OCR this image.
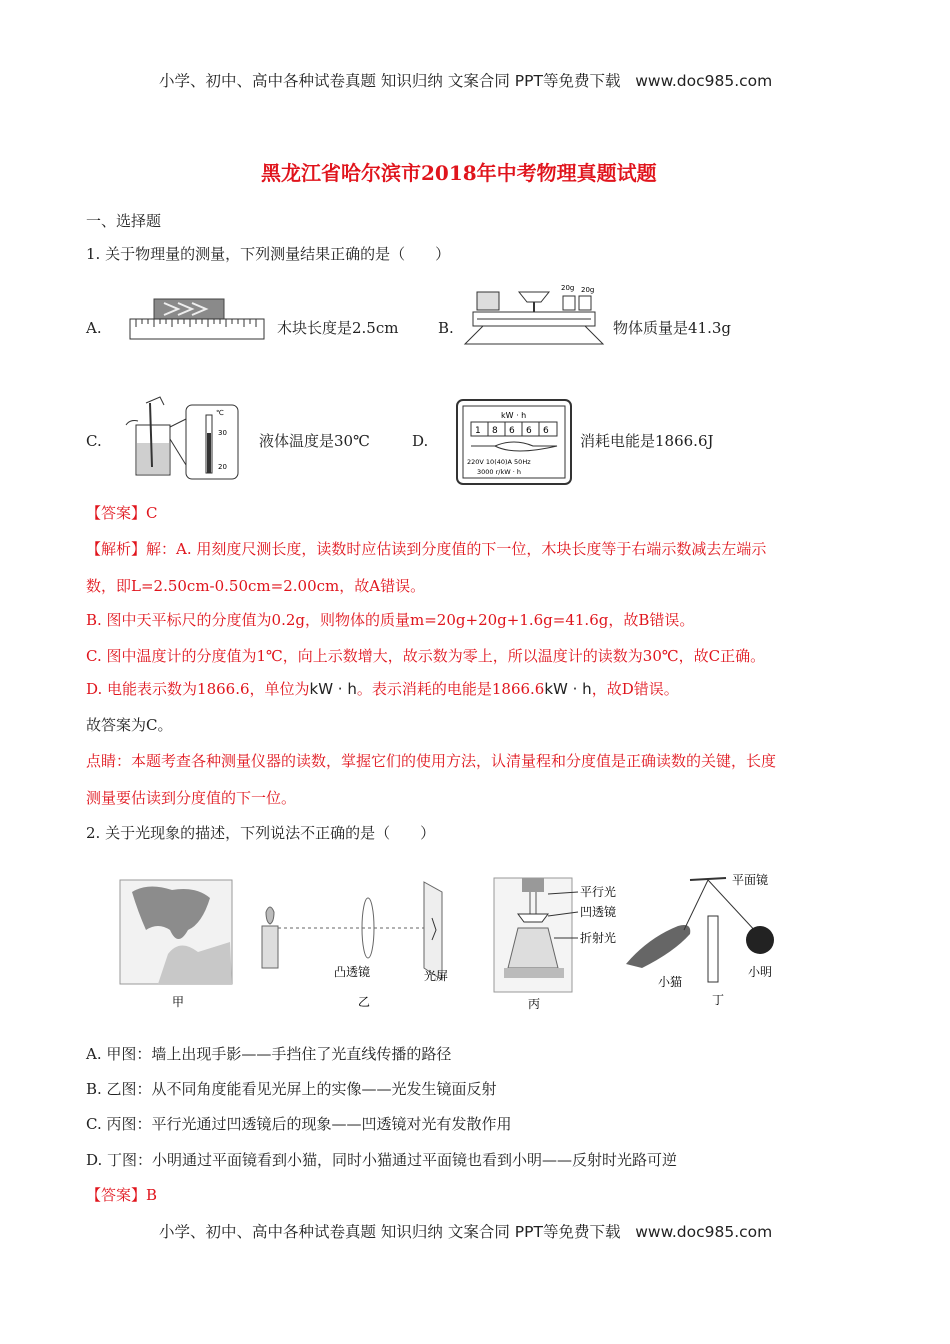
小学、初中、高中各种试卷真题 知识归纳 文案合同 PPT等免费下载 www.doc985.com
黑龙江省哈尔滨市2018年中考物理真题试题
一、选择题
1. 关于物理量的测量，下列测量结果正确的是（　　）
A.	木块长度是2.5cm	B.
20g 20g
物体质量是41.3g
C.
℃
30
20
液体温度是30℃	D.
kW · h
1 8 6 6 6
220V 10(40)A 50Hz
3000 r/kW · h
消耗电能是1866.6J
【答案】C
【解析】解：A. 用刻度尺测长度，读数时应估读到分度值的下一位，木块长度等于右端示数减去左端示
数，即L=2.50cm-0.50cm=2.00cm，故A错误。
B. 图中天平标尺的分度值为0.2g，则物体的质量m=20g+20g+1.6g=41.6g，故B错误。
C. 图中温度计的分度值为1℃，向上示数增大，故示数为零上，所以温度计的读数为30℃，故C正确。
D. 电能表示数为1866.6，单位为kW · h。表示消耗的电能是1866.6kW · h，故D错误。
故答案为C。
点睛：本题考查各种测量仪器的读数，掌握它们的使用方法，认清量程和分度值是正确读数的关键，长度
测量要估读到分度值的下一位。
2. 关于光现象的描述，下列说法不正确的是（　　）
甲
凸透镜	光屏
乙
平行光
凹透镜
折射光
丙
平面镜
小猫
小明
丁
A. 甲图：墙上出现手影——手挡住了光直线传播的路径
B. 乙图：从不同角度能看见光屏上的实像——光发生镜面反射
C. 丙图：平行光通过凹透镜后的现象——凹透镜对光有发散作用
D. 丁图：小明通过平面镜看到小猫，同时小猫通过平面镜也看到小明——反射时光路可逆
【答案】B
小学、初中、高中各种试卷真题 知识归纳 文案合同 PPT等免费下载 www.doc985.com
